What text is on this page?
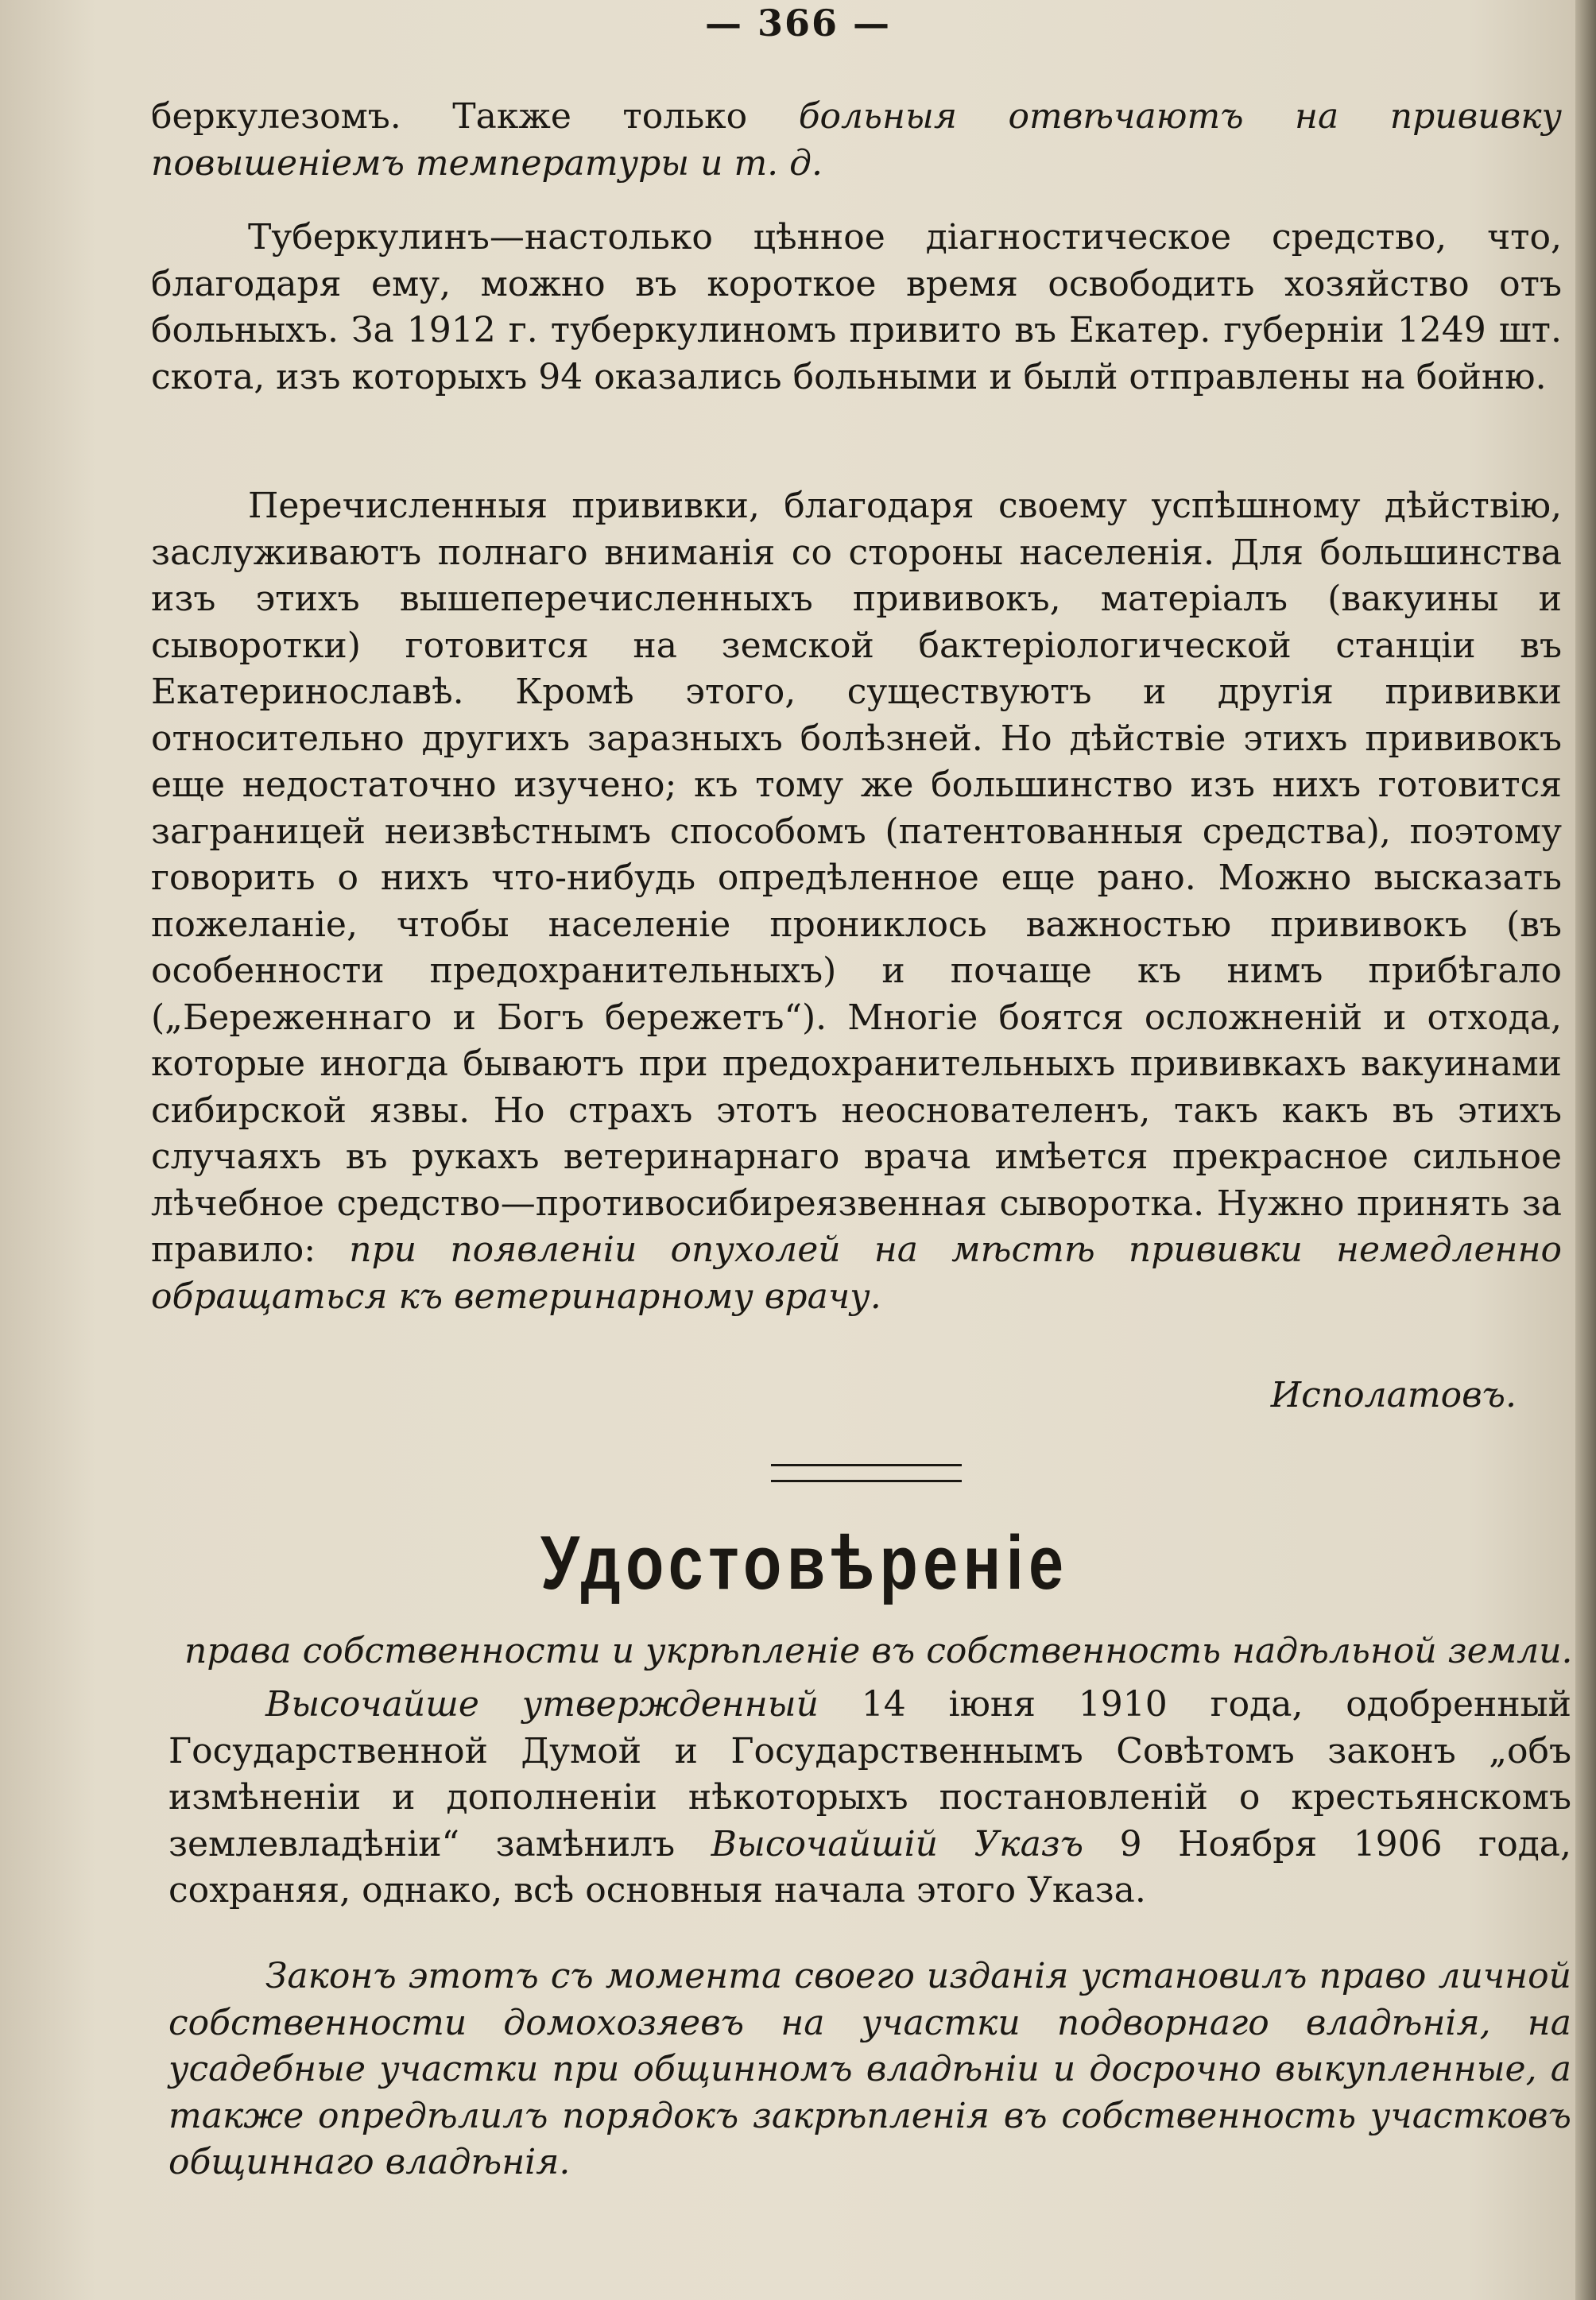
— 366 —

беркулезомъ. Также только больныя отвѣчаютъ на прививку повышеніемъ температуры и т. д.

Туберкулинъ—настолько цѣнное діагностическое средство, что, благодаря ему, можно въ короткое время освободить хозяйство отъ больныхъ. За 1912 г. туберкулиномъ привито въ Екатер. губерніи 1249 шт. скота, изъ которыхъ 94 оказались больными и былй отправлены на бойню.

Перечисленныя прививки, благодаря своему успѣшному дѣйствію, заслуживаютъ полнаго вниманія со стороны населенія. Для большинства изъ этихъ вышеперечисленныхъ прививокъ, матеріалъ (вакуины и сыворотки) готовится на земской бактеріологической станціи въ Екатеринославѣ. Кромѣ этого, существуютъ и другія прививки относительно другихъ заразныхъ болѣзней. Но дѣйствіе этихъ прививокъ еще недостаточно изучено; къ тому же большинство изъ нихъ готовится заграницей неизвѣстнымъ способомъ (патентованныя средства), поэтому говорить о нихъ что-нибудь опредѣленное еще рано. Можно высказать пожеланіе, чтобы населеніе прониклось важностью прививокъ (въ особенности предохранительныхъ) и почаще къ нимъ прибѣгало („Береженнаго и Богъ бережетъ“). Многіе боятся осложненій и отхода, которые иногда бываютъ при предохранительныхъ прививкахъ вакуинами сибирской язвы. Но страхъ этотъ неоснователенъ, такъ какъ въ этихъ случаяхъ въ рукахъ ветеринарнаго врача имѣется прекрасное сильное лѣчебное средство—противосибиреязвенная сыворотка. Нужно принять за правило: при появленіи опухолей на мѣстѣ прививки немедленно обращаться къ ветеринарному врачу.

Исполатовъ.
Удостовѣреніе
права собственности и укрѣпленіе въ собственность надѣльной земли.

Высочайше утвержденный 14 іюня 1910 года, одобренный Государственной Думой и Государственнымъ Совѣтомъ законъ „объ измѣненіи и дополненіи нѣкоторыхъ постановленій о крестьянскомъ землевладѣніи“ замѣнилъ Высочайшій Указъ 9 Ноября 1906 года, сохраняя, однако, всѣ основныя начала этого Указа.

Законъ этотъ съ момента своего изданія установилъ право личной собственности домохозяевъ на участки подворнаго владѣнія, на усадебные участки при общинномъ владѣніи и досрочно выкупленные, а также опредѣлилъ порядокъ закрѣпленія въ собственность участковъ общиннаго владѣнія.
